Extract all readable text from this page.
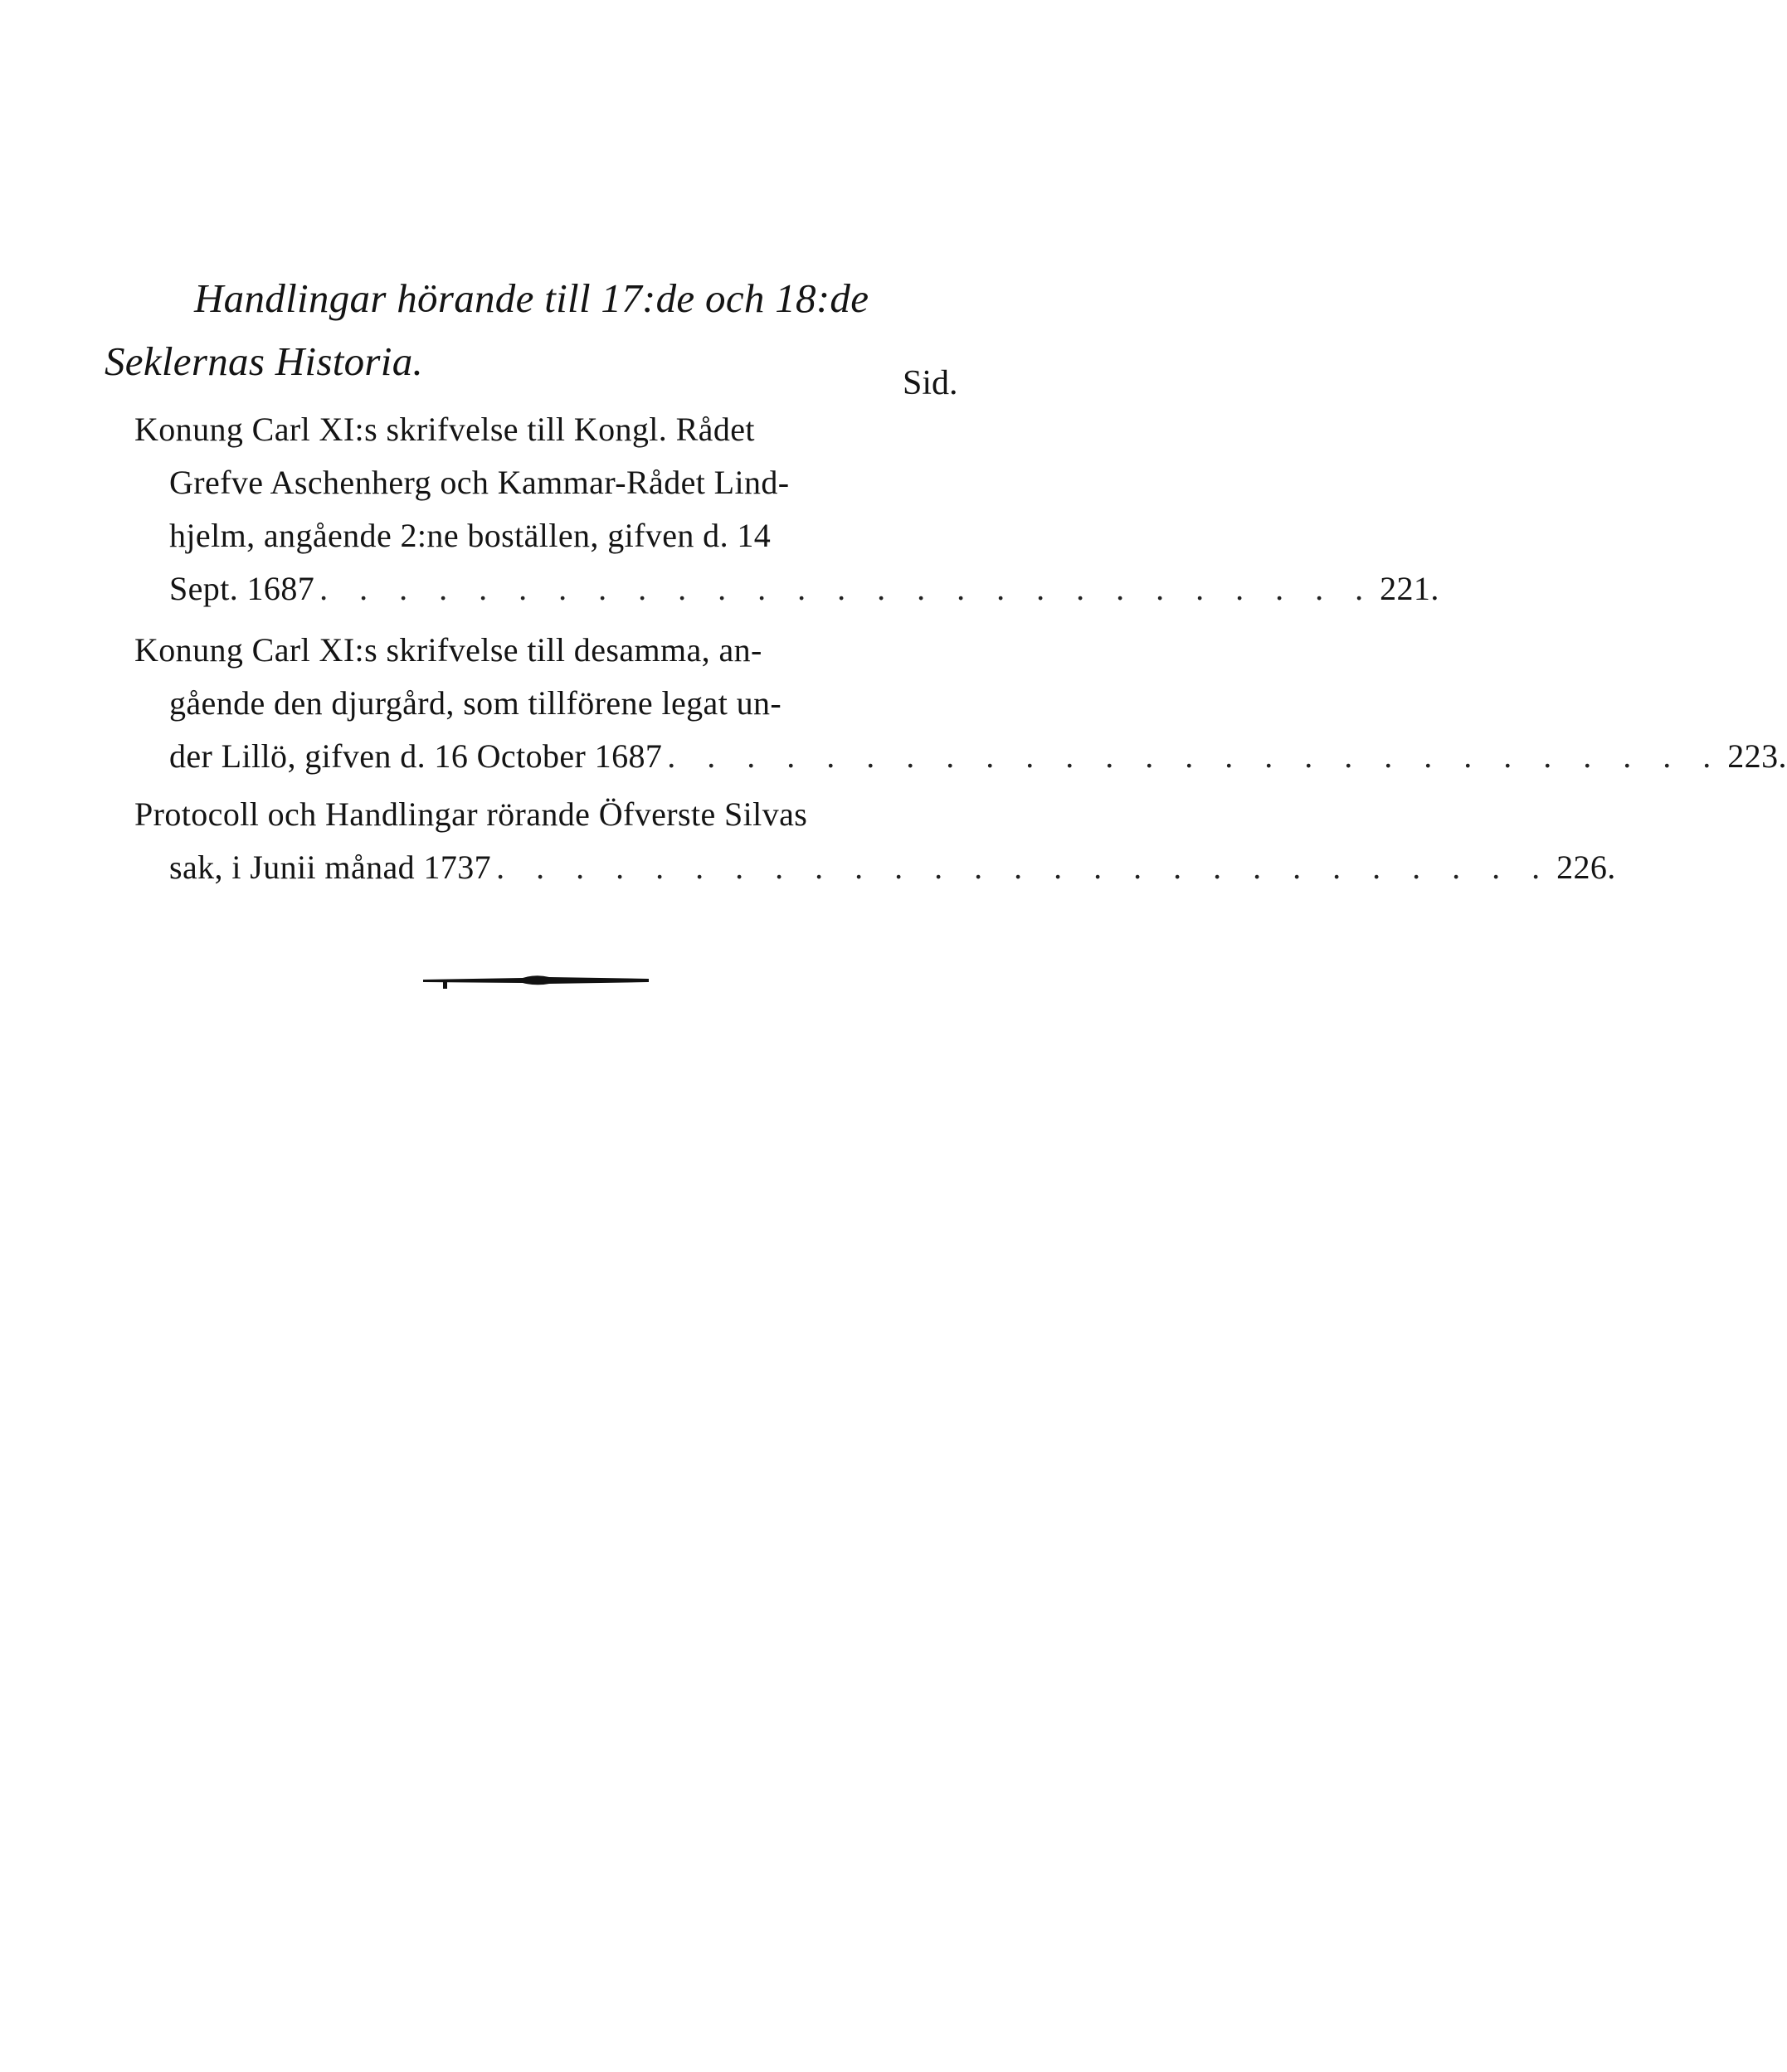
Handlingar hörande till 17:de och 18:de
Seklernas Historia.	Sid.
Konung Carl XI:s skrifvelse till Kongl. Rådet
Grefve Aschenherg och Kammar-Rådet Lind-
hjelm, angående 2:ne boställen, gifven d. 14
Sept. 1687 . . . . . . . . . . . . . . . . . . . . . . . . . . . 221.
Konung Carl XI:s skrifvelse till desamma, an-
gående den djurgård, som tillförene legat un-
der Lillö, gifven d. 16 October 1687 . . . . . . . . . . . . . . . . . . . . . . . . . . . 223.
Protocoll och Handlingar rörande Öfverste Silvas
sak, i Junii månad 1737 . . . . . . . . . . . . . . . . . . . . . . . . . . . 226.
